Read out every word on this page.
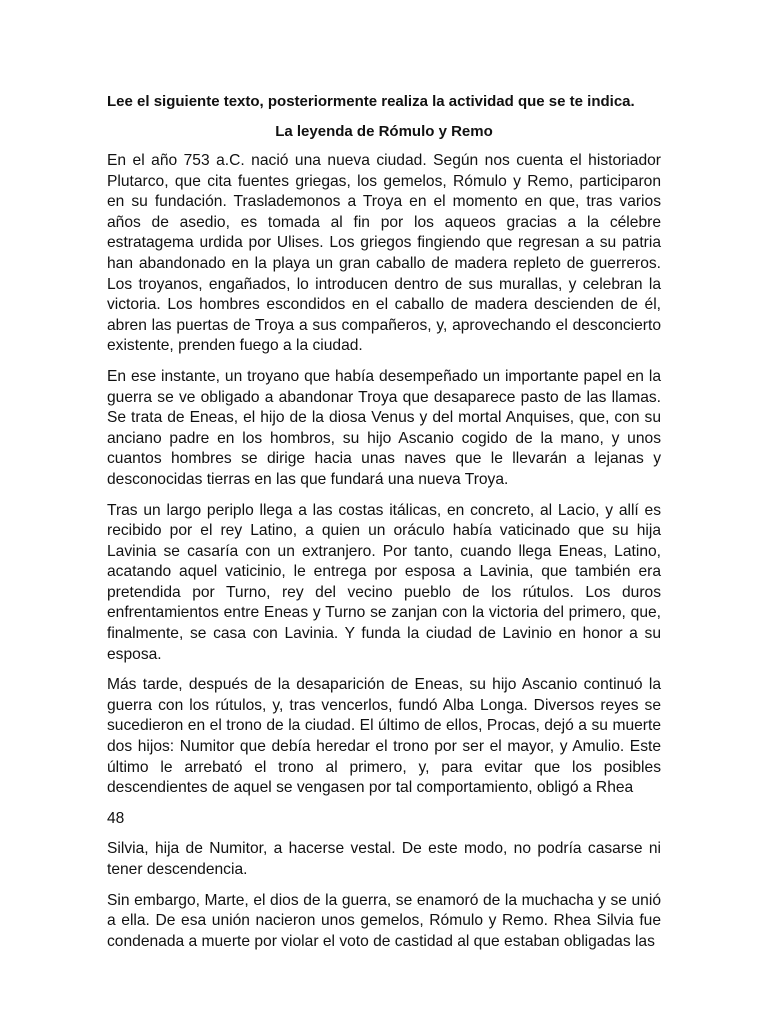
Lee el siguiente texto, posteriormente realiza la actividad que se te indica.

La leyenda de Rómulo y Remo

En el año 753 a.C. nació una nueva ciudad. Según nos cuenta el historiador Plutarco, que cita fuentes griegas, los gemelos, Rómulo y Remo, participaron en su fundación. Traslademonos a Troya en el momento en que, tras varios años de asedio, es tomada al fin por los aqueos gracias a la célebre estratagema urdida por Ulises. Los griegos fingiendo que regresan a su patria han abandonado en la playa un gran caballo de madera repleto de guerreros. Los troyanos, engañados, lo introducen dentro de sus murallas, y celebran la victoria. Los hombres escondidos en el caballo de madera descienden de él, abren las puertas de Troya a sus compañeros, y, aprovechando el desconcierto existente, prenden fuego a la ciudad.

En ese instante, un troyano que había desempeñado un importante papel en la guerra se ve obligado a abandonar Troya que desaparece pasto de las llamas. Se trata de Eneas, el hijo de la diosa Venus y del mortal Anquises, que, con su anciano padre en los hombros, su hijo Ascanio cogido de la mano, y unos cuantos hombres se dirige hacia unas naves que le llevarán a lejanas y desconocidas tierras en las que fundará una nueva Troya.

Tras un largo periplo llega a las costas itálicas, en concreto, al Lacio, y allí es recibido por el rey Latino, a quien un oráculo había vaticinado que su hija Lavinia se casaría con un extranjero. Por tanto, cuando llega Eneas, Latino, acatando aquel vaticinio, le entrega por esposa a Lavinia, que también era pretendida por Turno, rey del vecino pueblo de los rútulos. Los duros enfrentamientos entre Eneas y Turno se zanjan con la victoria del primero, que, finalmente, se casa con Lavinia. Y funda la ciudad de Lavinio en honor a su esposa.

Más tarde, después de la desaparición de Eneas, su hijo Ascanio continuó la guerra con los rútulos, y, tras vencerlos, fundó Alba Longa. Diversos reyes se sucedieron en el trono de la ciudad. El último de ellos, Procas, dejó a su muerte dos hijos: Numitor que debía heredar el trono por ser el mayor, y Amulio. Este último le arrebató el trono al primero, y, para evitar que los posibles descendientes de aquel se vengasen por tal comportamiento, obligó a Rhea

48

Silvia, hija de Numitor, a hacerse vestal. De este modo, no podría casarse ni tener descendencia.

Sin embargo, Marte, el dios de la guerra, se enamoró de la muchacha y se unió a ella. De esa unión nacieron unos gemelos, Rómulo y Remo. Rhea Silvia fue condenada a muerte por violar el voto de castidad al que estaban obligadas las
